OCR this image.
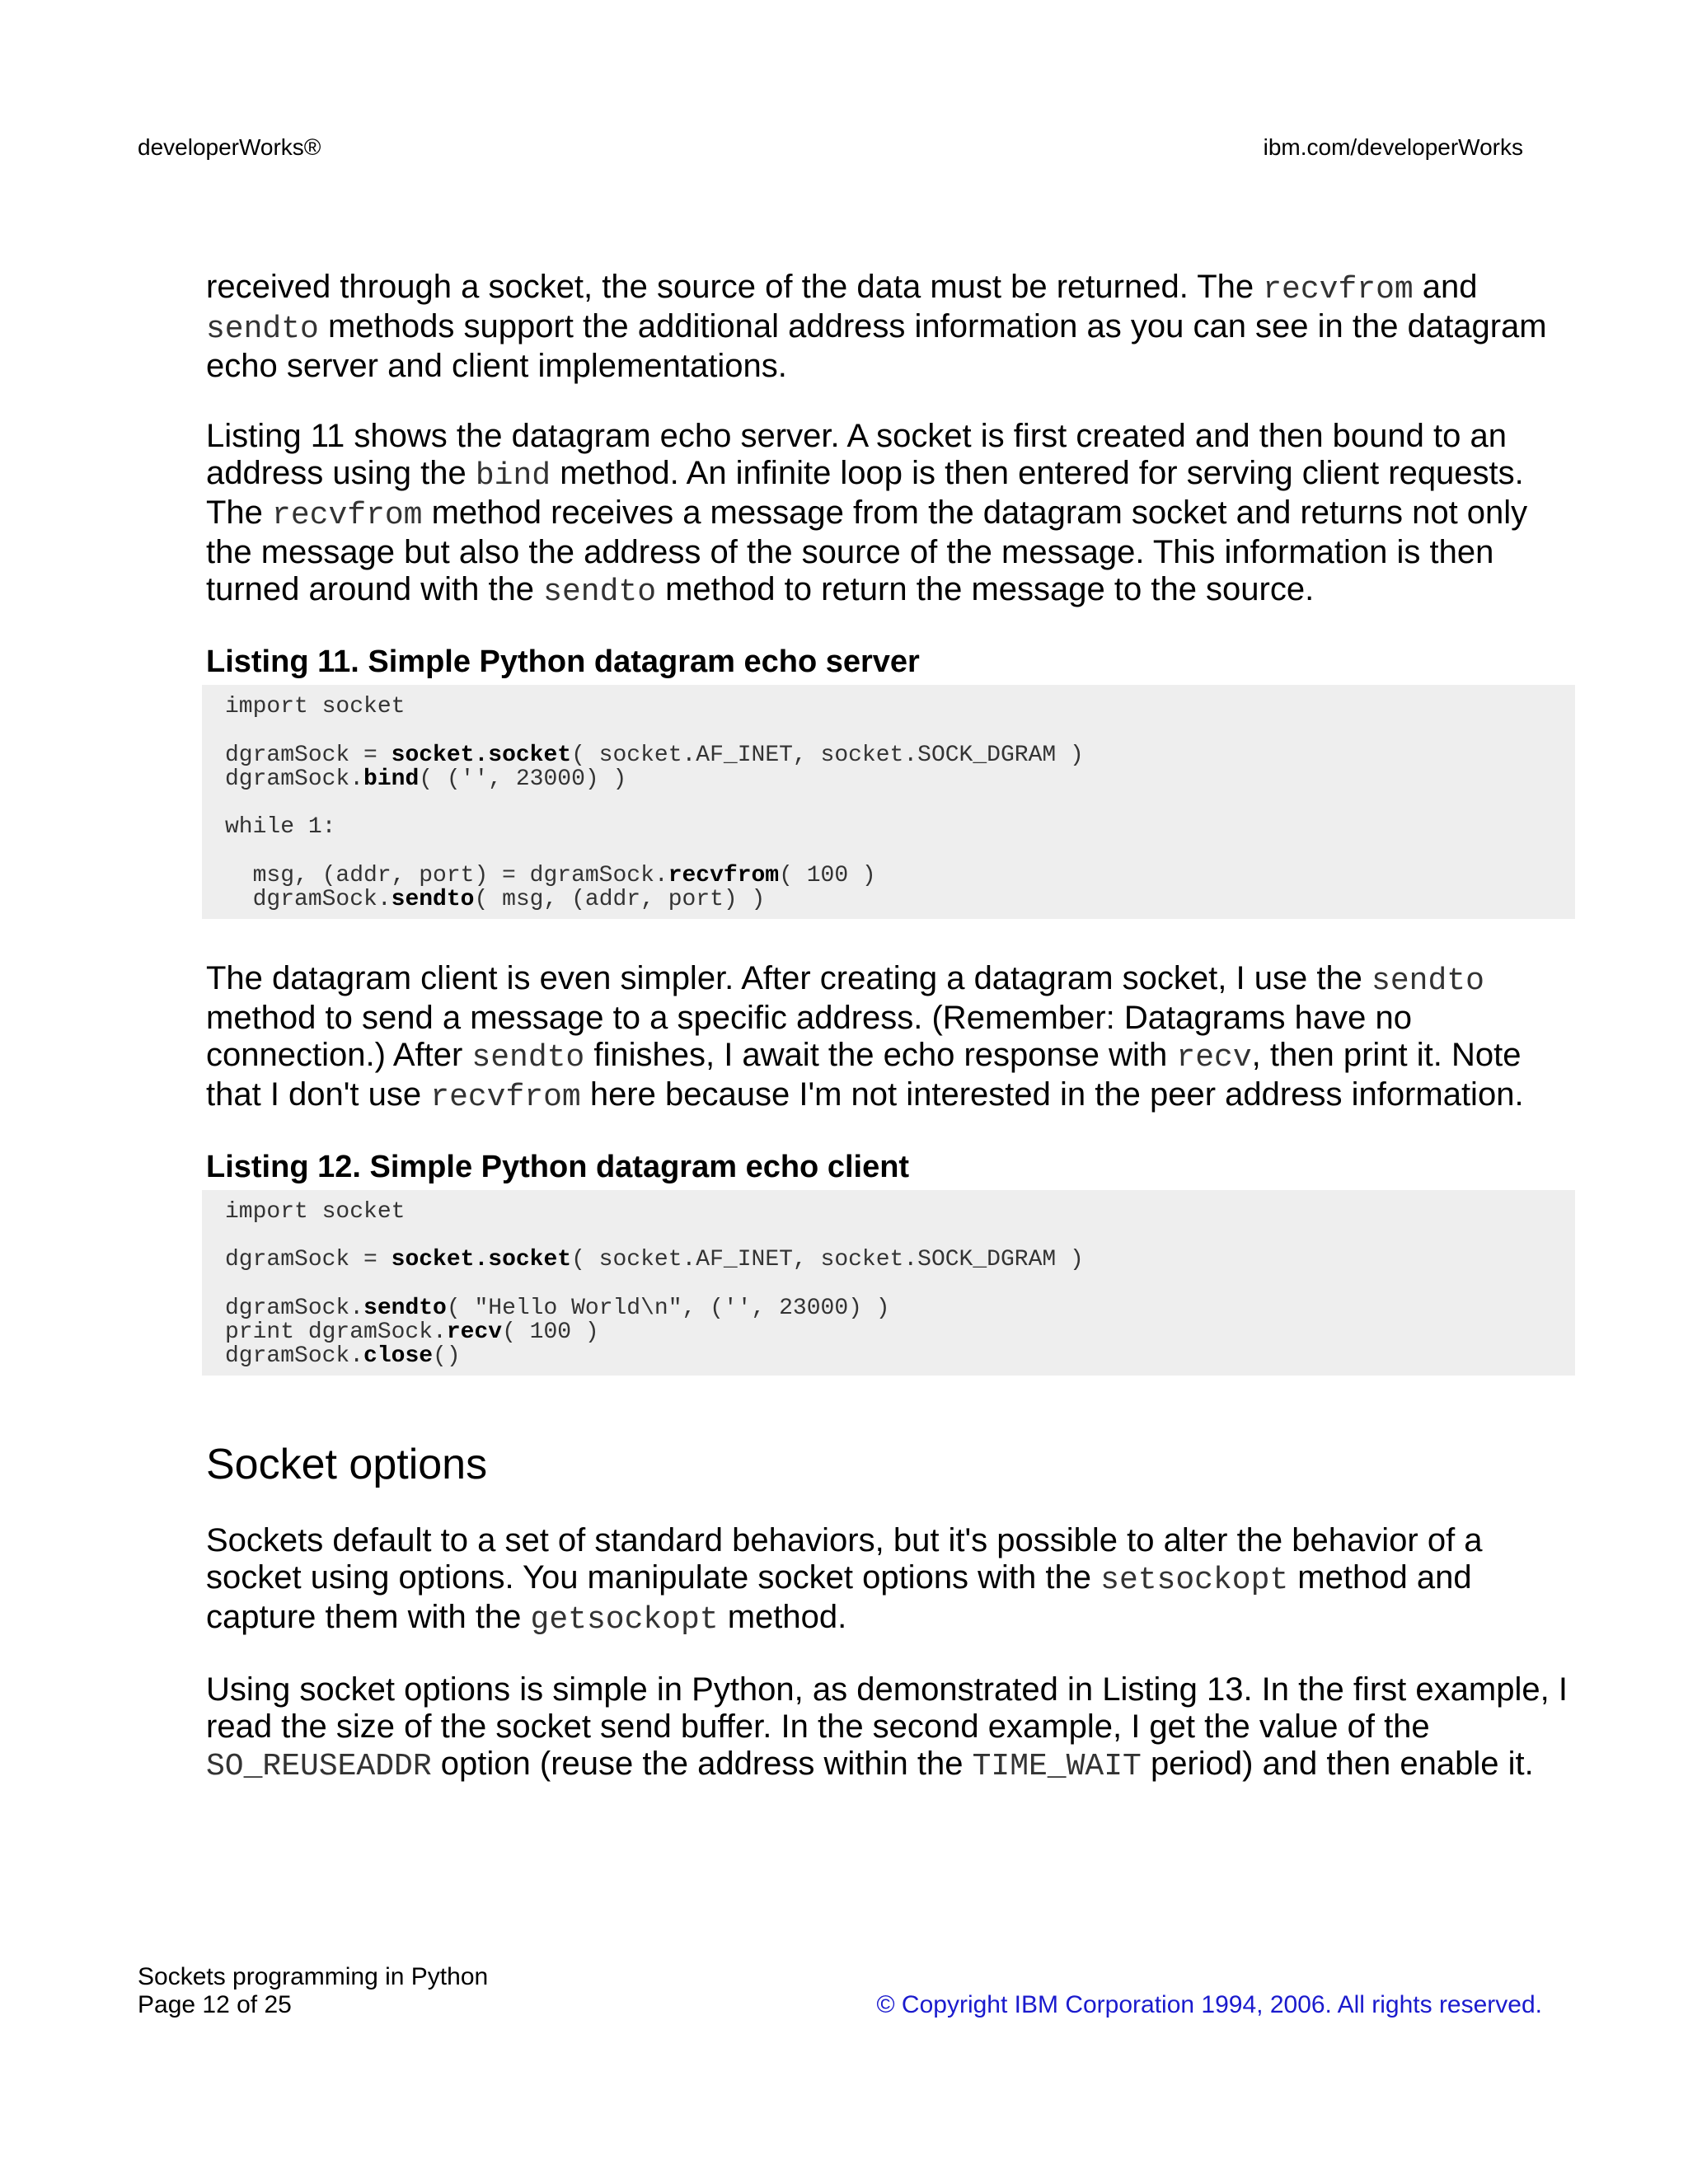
developerWorks®	ibm.com/developerWorks

received through a socket, the source of the data must be returned. The recvfrom and sendto methods support the additional address information as you can see in the datagram echo server and client implementations.

Listing 11 shows the datagram echo server. A socket is first created and then bound to an address using the bind method. An infinite loop is then entered for serving client requests. The recvfrom method receives a message from the datagram socket and returns not only the message but also the address of the source of the message. This information is then turned around with the sendto method to return the message to the source.

Listing 11. Simple Python datagram echo server
import socket

dgramSock = socket.socket( socket.AF_INET, socket.SOCK_DGRAM )
dgramSock.bind( ('', 23000) )

while 1:

msg, (addr, port) = dgramSock.recvfrom( 100 )
dgramSock.sendto( msg, (addr, port) )

The datagram client is even simpler. After creating a datagram socket, I use the sendto method to send a message to a specific address. (Remember: Datagrams have no connection.) After sendto finishes, I await the echo response with recv, then print it. Note that I don't use recvfrom here because I'm not interested in the peer address information.

Listing 12. Simple Python datagram echo client
import socket

dgramSock = socket.socket( socket.AF_INET, socket.SOCK_DGRAM )

dgramSock.sendto( "Hello World\n", ('', 23000) )
print dgramSock.recv( 100 )
dgramSock.close()
Socket options

Sockets default to a set of standard behaviors, but it's possible to alter the behavior of a socket using options. You manipulate socket options with the setsockopt method and capture them with the getsockopt method.

Using socket options is simple in Python, as demonstrated in Listing 13. In the first example, I read the size of the socket send buffer. In the second example, I get the value of the SO_REUSEADDR option (reuse the address within the TIME_WAIT period) and then enable it.

Sockets programming in Python
Page 12 of 25	© Copyright IBM Corporation 1994, 2006. All rights reserved.
